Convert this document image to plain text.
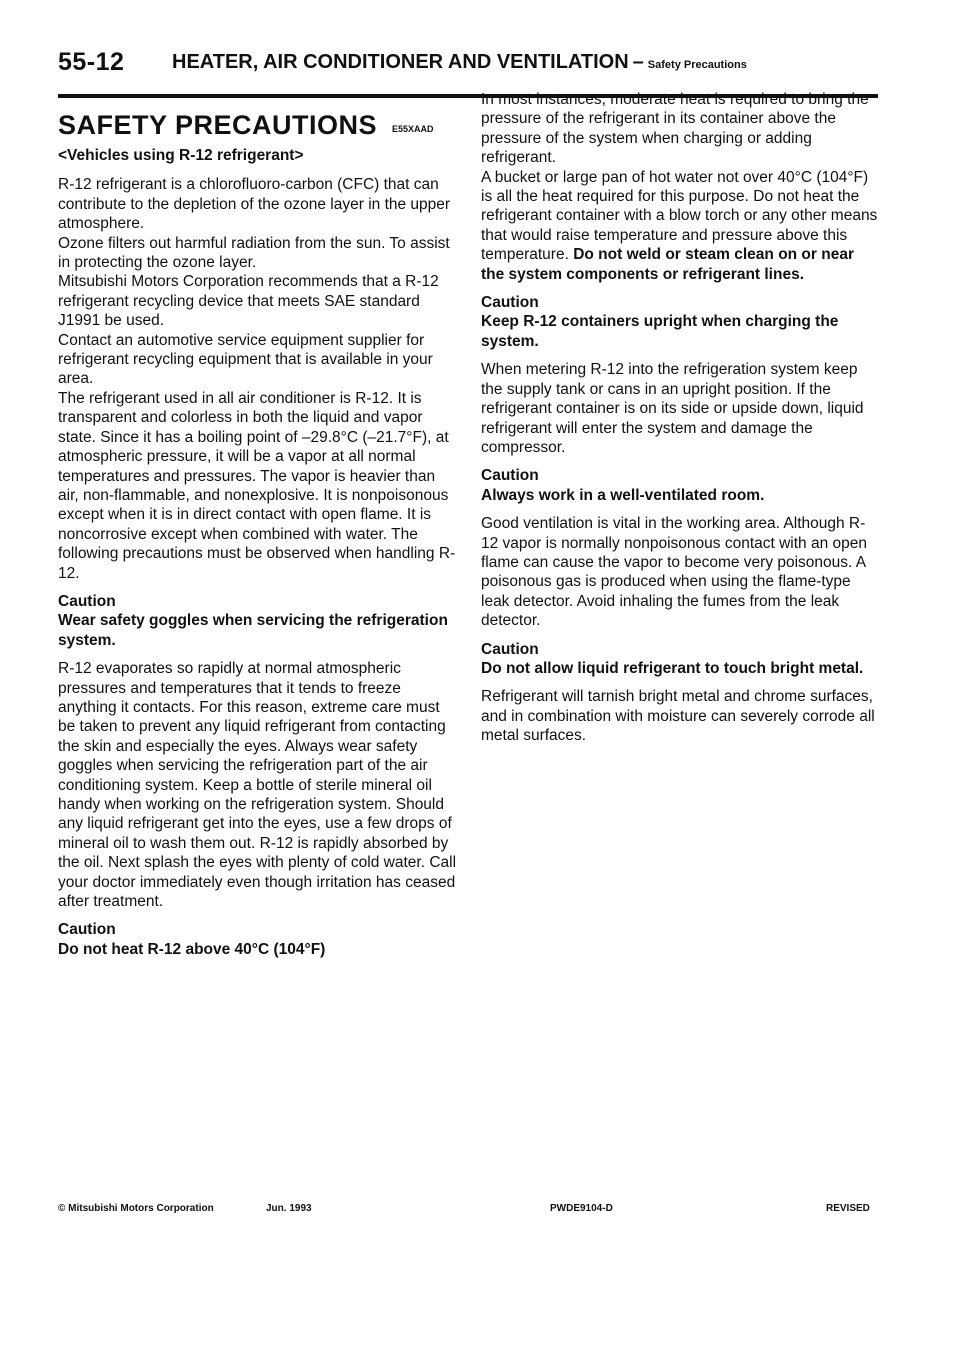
55-12 HEATER, AIR CONDITIONER AND VENTILATION – Safety Precautions
SAFETY PRECAUTIONS E55XAAD

<Vehicles using R-12 refrigerant>

R-12 refrigerant is a chlorofluoro-carbon (CFC) that can contribute to the depletion of the ozone layer in the upper atmosphere.

Ozone filters out harmful radiation from the sun. To assist in protecting the ozone layer.

Mitsubishi Motors Corporation recommends that a R-12 refrigerant recycling device that meets SAE standard J1991 be used.

Contact an automotive service equipment supplier for refrigerant recycling equipment that is available in your area.

The refrigerant used in all air conditioner is R-12. It is transparent and colorless in both the liquid and vapor state. Since it has a boiling point of –29.8°C (–21.7°F), at atmospheric pressure, it will be a vapor at all normal temperatures and pressures. The vapor is heavier than air, non-flammable, and nonexplosive. It is nonpoisonous except when it is in direct contact with open flame. It is noncorrosive except when combined with water. The following precautions must be observed when handling R-12.

Caution

Wear safety goggles when servicing the refrigeration system.

R-12 evaporates so rapidly at normal atmospheric pressures and temperatures that it tends to freeze anything it contacts. For this reason, extreme care must be taken to prevent any liquid refrigerant from contacting the skin and especially the eyes. Always wear safety goggles when servicing the refrigeration part of the air conditioning system. Keep a bottle of sterile mineral oil handy when working on the refrigeration system. Should any liquid refrigerant get into the eyes, use a few drops of mineral oil to wash them out. R-12 is rapidly absorbed by the oil. Next splash the eyes with plenty of cold water. Call your doctor immediately even though irritation has ceased after treatment.

Caution

Do not heat R-12 above 40°C (104°F)

In most instances, moderate heat is required to bring the pressure of the refrigerant in its container above the pressure of the system when charging or adding refrigerant.

A bucket or large pan of hot water not over 40°C (104°F) is all the heat required for this purpose. Do not heat the refrigerant container with a blow torch or any other means that would raise temperature and pressure above this temperature. Do not weld or steam clean on or near the system components or refrigerant lines.

Caution

Keep R-12 containers upright when charging the system.

When metering R-12 into the refrigeration system keep the supply tank or cans in an upright position. If the refrigerant container is on its side or upside down, liquid refrigerant will enter the system and damage the compressor.

Caution

Always work in a well-ventilated room.

Good ventilation is vital in the working area. Although R-12 vapor is normally nonpoisonous contact with an open flame can cause the vapor to become very poisonous. A poisonous gas is produced when using the flame-type leak detector. Avoid inhaling the fumes from the leak detector.

Caution

Do not allow liquid refrigerant to touch bright metal.

Refrigerant will tarnish bright metal and chrome surfaces, and in combination with moisture can severely corrode all metal surfaces.

© Mitsubishi Motors Corporation	Jun. 1993	PWDE9104-D	REVISED
